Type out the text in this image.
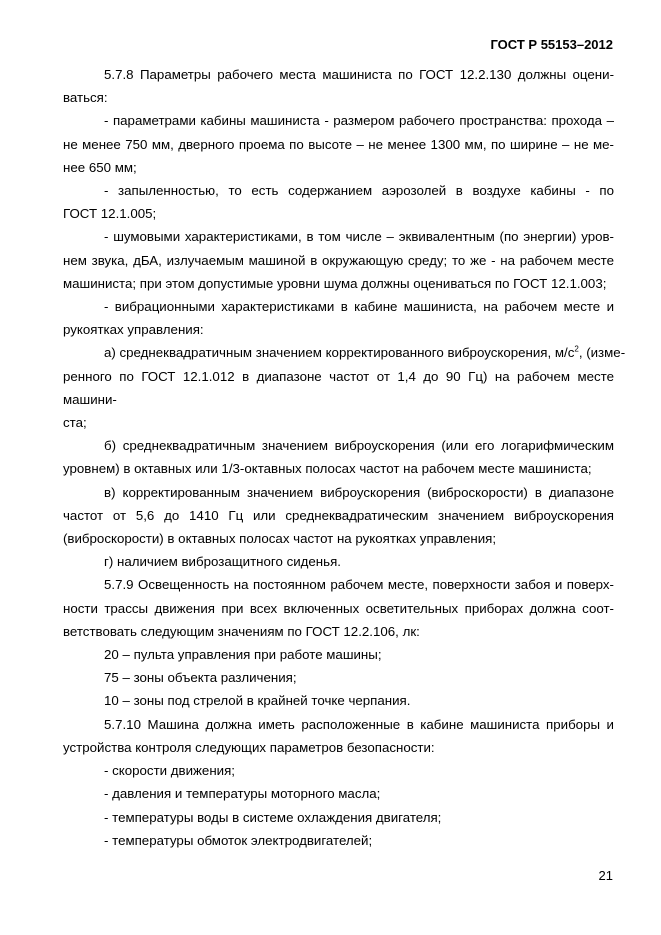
ГОСТ Р 55153–2012

5.7.8 Параметры рабочего места машиниста по ГОСТ 12.2.130 должны оцени-
ваться:

- параметрами кабины машиниста - размером рабочего пространства: прохода –
не менее 750 мм, дверного проема по высоте – не менее 1300 мм, по ширине – не ме-
нее 650 мм;

- запыленностью, то есть содержанием аэрозолей в воздухе кабины - по
ГОСТ 12.1.005;

- шумовыми характеристиками, в том числе – эквивалентным (по энергии) уров-
нем звука, дБА, излучаемым машиной в окружающую среду; то же - на рабочем месте
машиниста; при этом допустимые уровни шума должны оцениваться по ГОСТ 12.1.003;

- вибрационными характеристиками в кабине машиниста, на рабочем месте и
рукоятках управления:

а) среднеквадратичным значением корректированного виброускорения, $м/с^2$, (изме-
ренного по ГОСТ 12.1.012 в диапазоне частот от 1,4 до 90 Гц) на рабочем месте машини-
ста;

б) среднеквадратичным значением виброускорения (или его логарифмическим
уровнем) в октавных или 1/3-октавных полосах частот на рабочем месте машиниста;

в) корректированным значением виброускорения (виброскорости) в диапазоне
частот от 5,6 до 1410 Гц или среднеквадратическим значением виброускорения
(виброскорости) в октавных полосах частот на рукоятках управления;

г) наличием виброзащитного сиденья.

5.7.9 Освещенность на постоянном рабочем месте, поверхности забоя и поверх-
ности трассы движения при всех включенных осветительных приборах должна соот-
ветствовать следующим значениям по ГОСТ 12.2.106, лк:

20 – пульта управления при работе машины;
75 – зоны объекта различения;
10 – зоны под стрелой в крайней точке черпания.

5.7.10 Машина должна иметь расположенные в кабине машиниста приборы и
устройства контроля следующих параметров безопасности:

- скорости движения;
- давления и температуры моторного масла;
- температуры воды в системе охлаждения двигателя;
- температуры обмоток электродвигателей;

21
